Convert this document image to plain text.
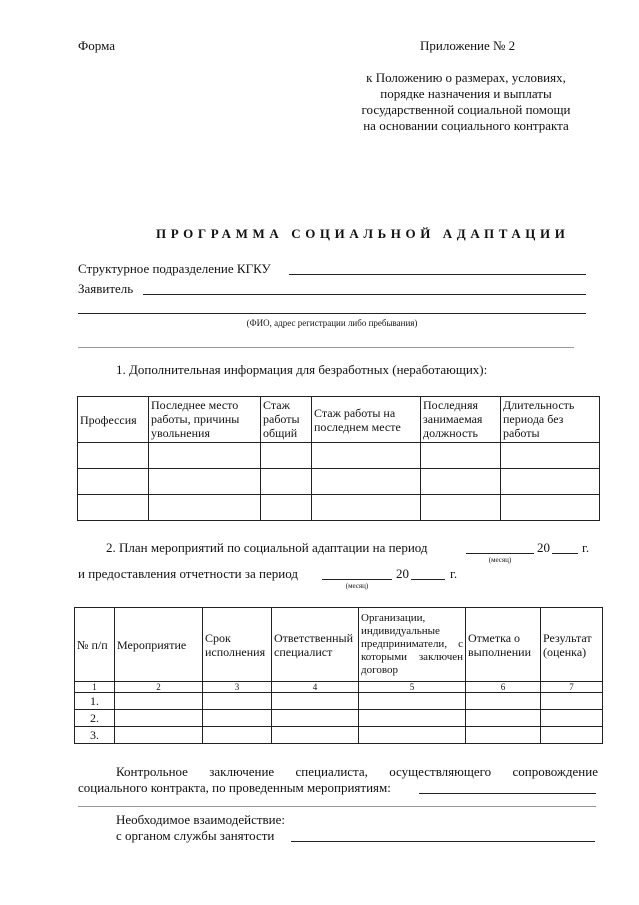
Форма	Приложение № 2
к Положению о размерах, условиях,
порядке назначения и выплаты
государственной социальной помощи
на основании социального контракта
ПРОГРАММА СОЦИАЛЬНОЙ АДАПТАЦИИ
Структурное подразделение КГКУ
Заявитель
(ФИО, адрес регистрации либо пребывания)
1. Дополнительная информация для безработных (неработающих):
Профессия	Последнее место работы, причины увольнения	Стаж работы общий	Стаж работы на последнем месте	Последняя занимаемая должность	Длительность периода без работы

2. План мероприятий по социальной адаптации на период	20 г.
(месяц)
и предоставления отчетности за период	20	г.
(месяц)
№ п/п	Мероприятие	Срок исполнения	Ответственный специалист	Организации, индивидуальные предприниматели, с которыми заключен договор	Отметка о выполнении	Результат (оценка)
1	2	3	4	5	6	7
1.						
2.						
3.						
Контрольное заключение специалиста, осуществляющего сопровождение
социального контракта, по проведенным мероприятиям:
Необходимое взаимодействие:
с органом службы занятости
